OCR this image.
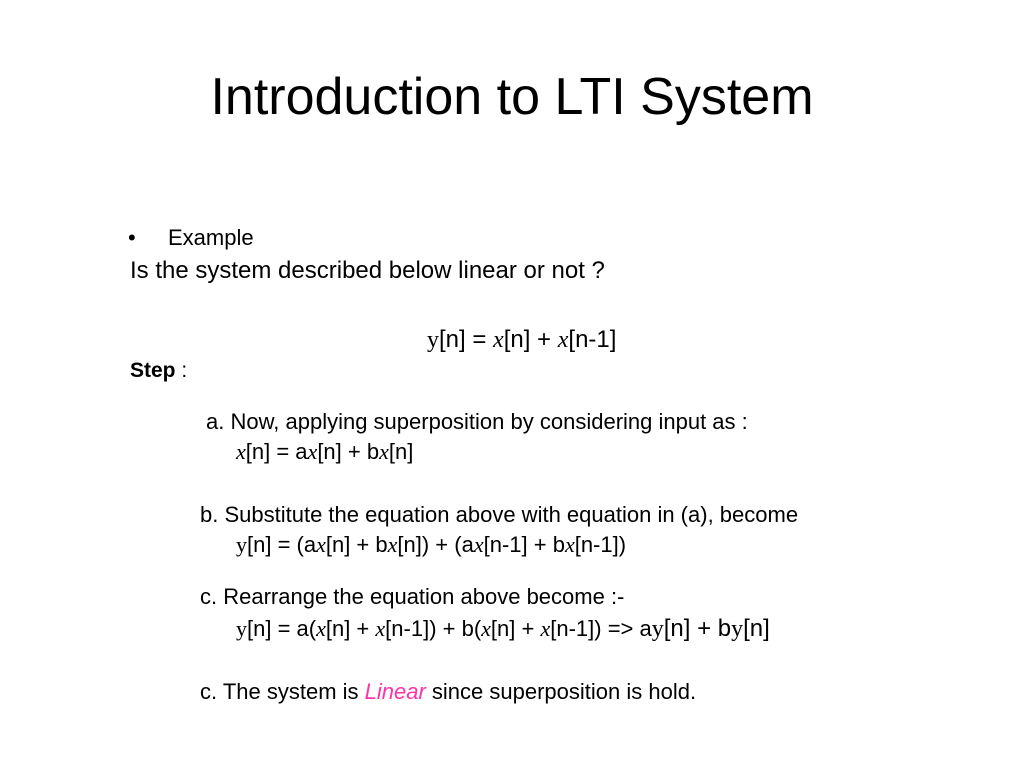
Introduction to LTI System
• Example
Is the system described below linear or not ?
y[n] = x[n] + x[n-1]
Step :
a. Now, applying superposition by considering input as :
x[n] = ax[n] + bx[n]
b. Substitute the equation above with equation in (a), become
y[n] = (ax[n] + bx[n]) + (ax[n-1] + bx[n-1])
c. Rearrange the equation above become :-
y[n] = a(x[n] + x[n-1]) + b(x[n] + x[n-1]) => ay[n] + by[n]
c. The system is Linear since superposition is hold.
